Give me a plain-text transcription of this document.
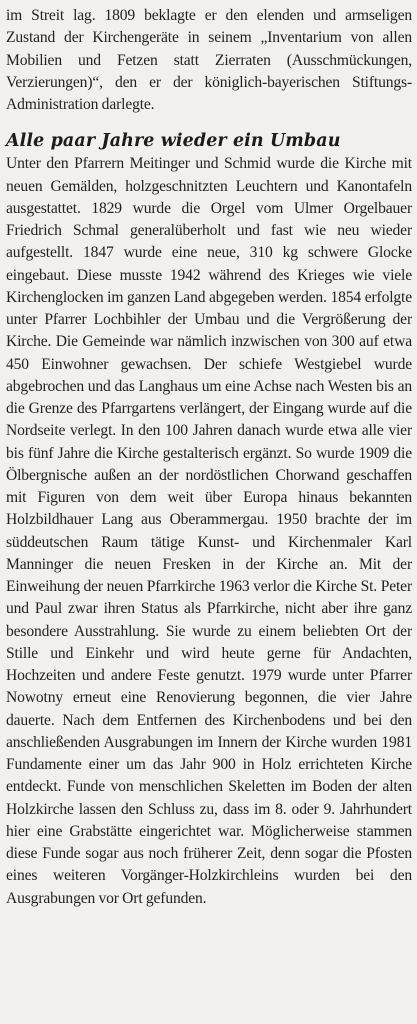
im Streit lag. 1809 beklagte er den elenden und armseligen Zustand der Kirchengeräte in seinem „Inventarium von allen Mobilien und Fetzen statt Zierraten (Ausschmückungen, Verzierungen)“, den er der königlich-bayerischen Stiftungs-Administration darlegte.

Alle paar Jahre wieder ein Umbau

Unter den Pfarrern Meitinger und Schmid wurde die Kirche mit neuen Gemälden, holzgeschnitzten Leuchtern und Kanontafeln ausgestattet. 1829 wurde die Orgel vom Ulmer Orgelbauer Friedrich Schmal generalüberholt und fast wie neu wieder aufgestellt. 1847 wurde eine neue, 310 kg schwere Glocke eingebaut. Diese musste 1942 während des Krieges wie viele Kirchenglocken im ganzen Land abgegeben werden. 1854 erfolgte unter Pfarrer Lochbihler der Umbau und die Vergrößerung der Kirche. Die Gemeinde war nämlich inzwischen von 300 auf etwa 450 Einwohner gewachsen. Der schiefe Westgiebel wurde abgebrochen und das Langhaus um eine Achse nach Westen bis an die Grenze des Pfarrgartens verlängert, der Eingang wurde auf die Nordseite verlegt. In den 100 Jahren danach wurde etwa alle vier bis fünf Jahre die Kirche gestalterisch ergänzt. So wurde 1909 die Ölbergnische außen an der nordöstlichen Chorwand geschaffen mit Figuren von dem weit über Europa hinaus bekannten Holzbildhauer Lang aus Oberammergau. 1950 brachte der im süddeutschen Raum tätige Kunst- und Kirchenmaler Karl Manninger die neuen Fresken in der Kirche an. Mit der Einweihung der neuen Pfarrkirche 1963 verlor die Kirche St. Peter und Paul zwar ihren Status als Pfarrkirche, nicht aber ihre ganz besondere Ausstrahlung. Sie wurde zu einem beliebten Ort der Stille und Einkehr und wird heute gerne für Andachten, Hochzeiten und andere Feste genutzt. 1979 wurde unter Pfarrer Nowotny erneut eine Renovierung begonnen, die vier Jahre dauerte. Nach dem Entfernen des Kirchenbodens und bei den anschließenden Ausgrabungen im Innern der Kirche wurden 1981 Fundamente einer um das Jahr 900 in Holz errichteten Kirche entdeckt. Funde von menschlichen Skeletten im Boden der alten Holzkirche lassen den Schluss zu, dass im 8. oder 9. Jahrhundert hier eine Grabstätte eingerichtet war. Möglicherweise stammen diese Funde sogar aus noch früherer Zeit, denn sogar die Pfosten eines weiteren Vorgänger-Holzkirchleins wurden bei den Ausgrabungen vor Ort gefunden.
